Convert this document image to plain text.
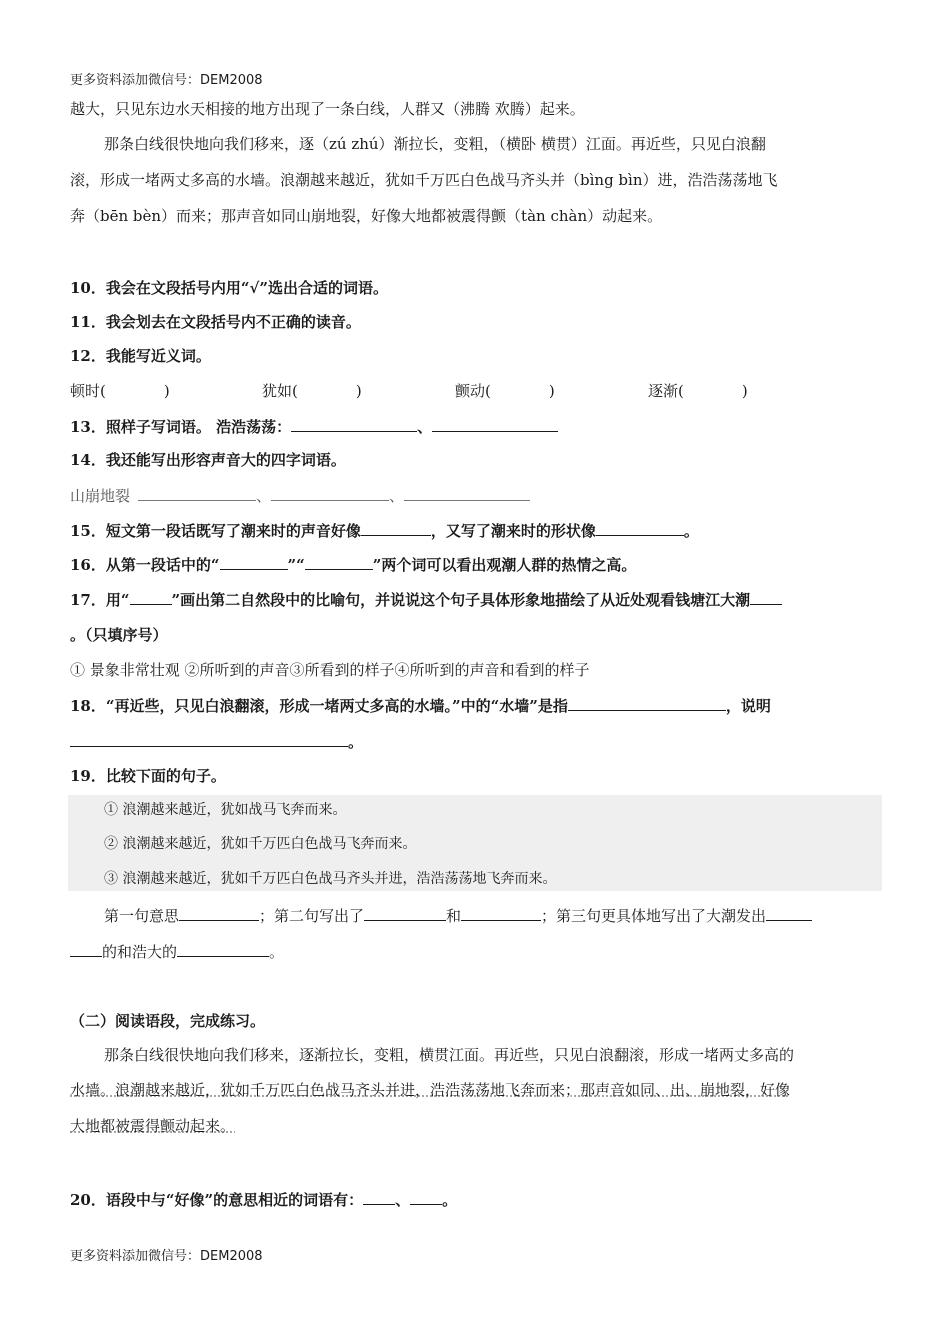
更多资料添加微信号：DEM2008
越大，只见东边水天相接的地方出现了一条白线，人群又（沸腾 欢腾）起来。
那条白线很快地向我们移来，逐（zú zhú）渐拉长，变粗，（横卧 横贯）江面。再近些，只见白浪翻
滚，形成一堵两丈多高的水墙。浪潮越来越近，犹如千万匹白色战马齐头并（bìng bìn）进，浩浩荡荡地飞
奔（bēn bèn）而来；那声音如同山崩地裂，好像大地都被震得颤（tàn chàn）动起来。
10．我会在文段括号内用“√”选出合适的词语。
11．我会划去在文段括号内不正确的读音。
12．我能写近义词。
顿时(	)	犹如(	)	颤动(	)	逐渐(	)
13．照样子写词语。 浩浩荡荡：	、
14．我还能写出形容声音大的四字词语。
山崩地裂	、	、
15．短文第一段话既写了潮来时的声音好像	，又写了潮来时的形状像	。
16．从第一段话中的“	”“	”两个词可以看出观潮人群的热情之高。
17．用“	”画出第二自然段中的比喻句，并说说这个句子具体形象地描绘了从近处观看钱塘江大潮
。（只填序号）
① 景象非常壮观 ②所听到的声音③所看到的样子④所听到的声音和看到的样子
18．“再近些，只见白浪翻滚，形成一堵两丈多高的水墙。”中的“水墙”是指	，说明
。
19．比较下面的句子。
① 浪潮越来越近，犹如战马飞奔而来。
② 浪潮越来越近，犹如千万匹白色战马飞奔而来。
③ 浪潮越来越近，犹如千万匹白色战马齐头并进，浩浩荡荡地飞奔而来。
第一句意思	；第二句写出了	和	；第三句更具体地写出了大潮发出
的和浩大的	。
（二）阅读语段，完成练习。
那条白线很快地向我们移来，逐渐拉长，变粗，横贯江面。再近些，只见白浪翻滚，形成一堵两丈多高的
水墙。浪潮越来越近，犹如千万匹白色战马齐头并进，浩浩荡荡地飞奔而来；那声音如同、出、崩地裂，好像
大地都被震得颤动起来。
20．语段中与“好像”的意思相近的词语有： 、 。
更多资料添加微信号：DEM2008
